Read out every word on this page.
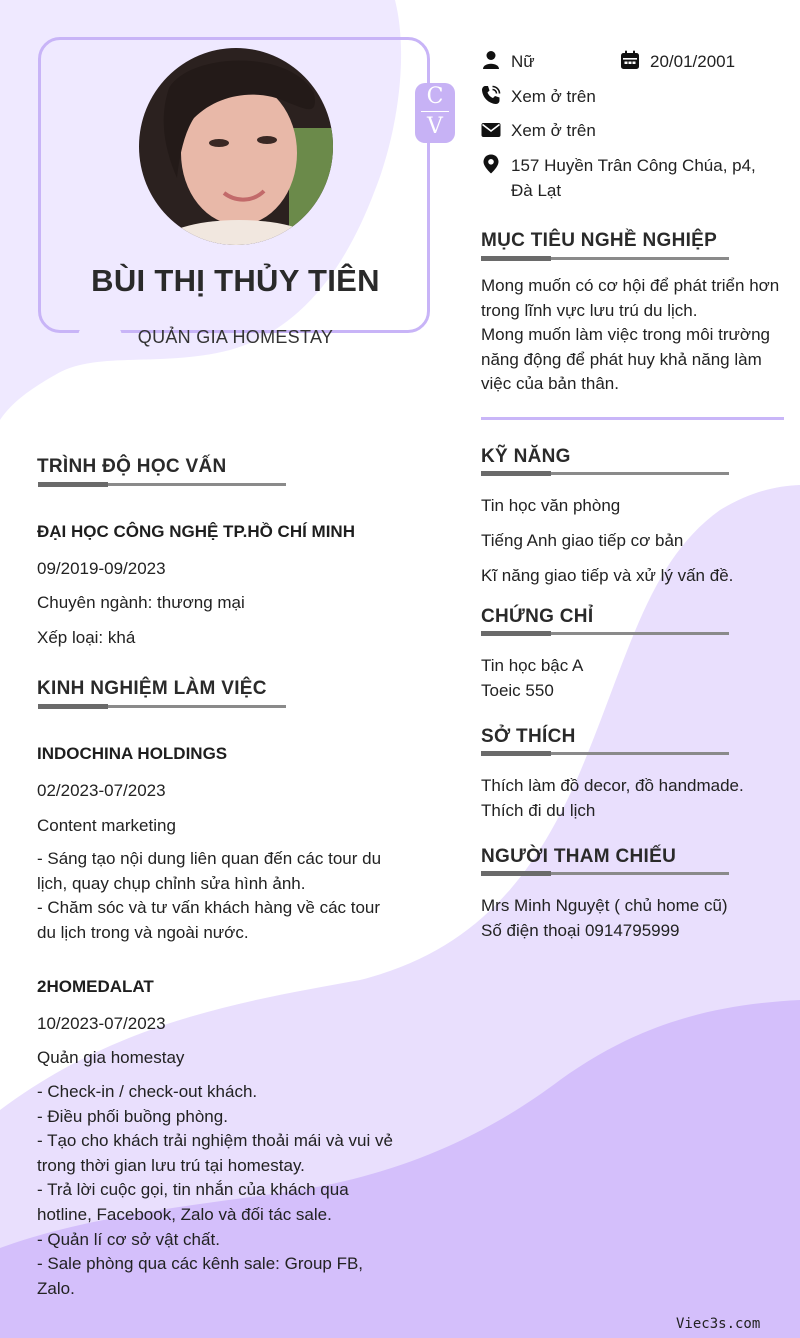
BÙI THỊ THỦY TIÊN
QUẢN GIA HOMESTAY
C
V
Nữ	20/01/2001
Xem ở trên
Xem ở trên
157 Huyền Trân Công Chúa, p4,
Đà Lạt
MỤC TIÊU NGHỀ NGHIỆP
Mong muốn có cơ hội để phát triển hơn
trong lĩnh vực lưu trú du lịch.
Mong muốn làm việc trong môi trường
năng động để phát huy khả năng làm
việc của bản thân.
TRÌNH ĐỘ HỌC VẤN
ĐẠI HỌC CÔNG NGHỆ TP.HỒ CHÍ MINH
09/2019-09/2023
Chuyên ngành: thương mại
Xếp loại: khá
KINH NGHIỆM LÀM VIỆC
INDOCHINA HOLDINGS
02/2023-07/2023
Content marketing
- Sáng tạo nội dung liên quan đến các tour du
lịch, quay chụp chỉnh sửa hình ảnh.
- Chăm sóc và tư vấn khách hàng về các tour
du lịch trong và ngoài nước.
2HOMEDALAT
10/2023-07/2023
Quản gia homestay
- Check-in / check-out khách.
- Điều phối buồng phòng.
- Tạo cho khách trải nghiệm thoải mái và vui vẻ
trong thời gian lưu trú tại homestay.
- Trả lời cuộc gọi, tin nhắn của khách qua
hotline, Facebook, Zalo và đối tác sale.
- Quản lí cơ sở vật chất.
- Sale phòng qua các kênh sale: Group FB,
Zalo.
KỸ NĂNG
Tin học văn phòng
Tiếng Anh giao tiếp cơ bản
Kĩ năng giao tiếp và xử lý vấn đề.
CHỨNG CHỈ
Tin học bậc A
Toeic 550
SỞ THÍCH
Thích làm đồ decor, đồ handmade.
Thích đi du lịch
NGƯỜI THAM CHIẾU
Mrs Minh Nguyệt ( chủ home cũ)
Số điện thoại 0914795999
Viec3s.com
